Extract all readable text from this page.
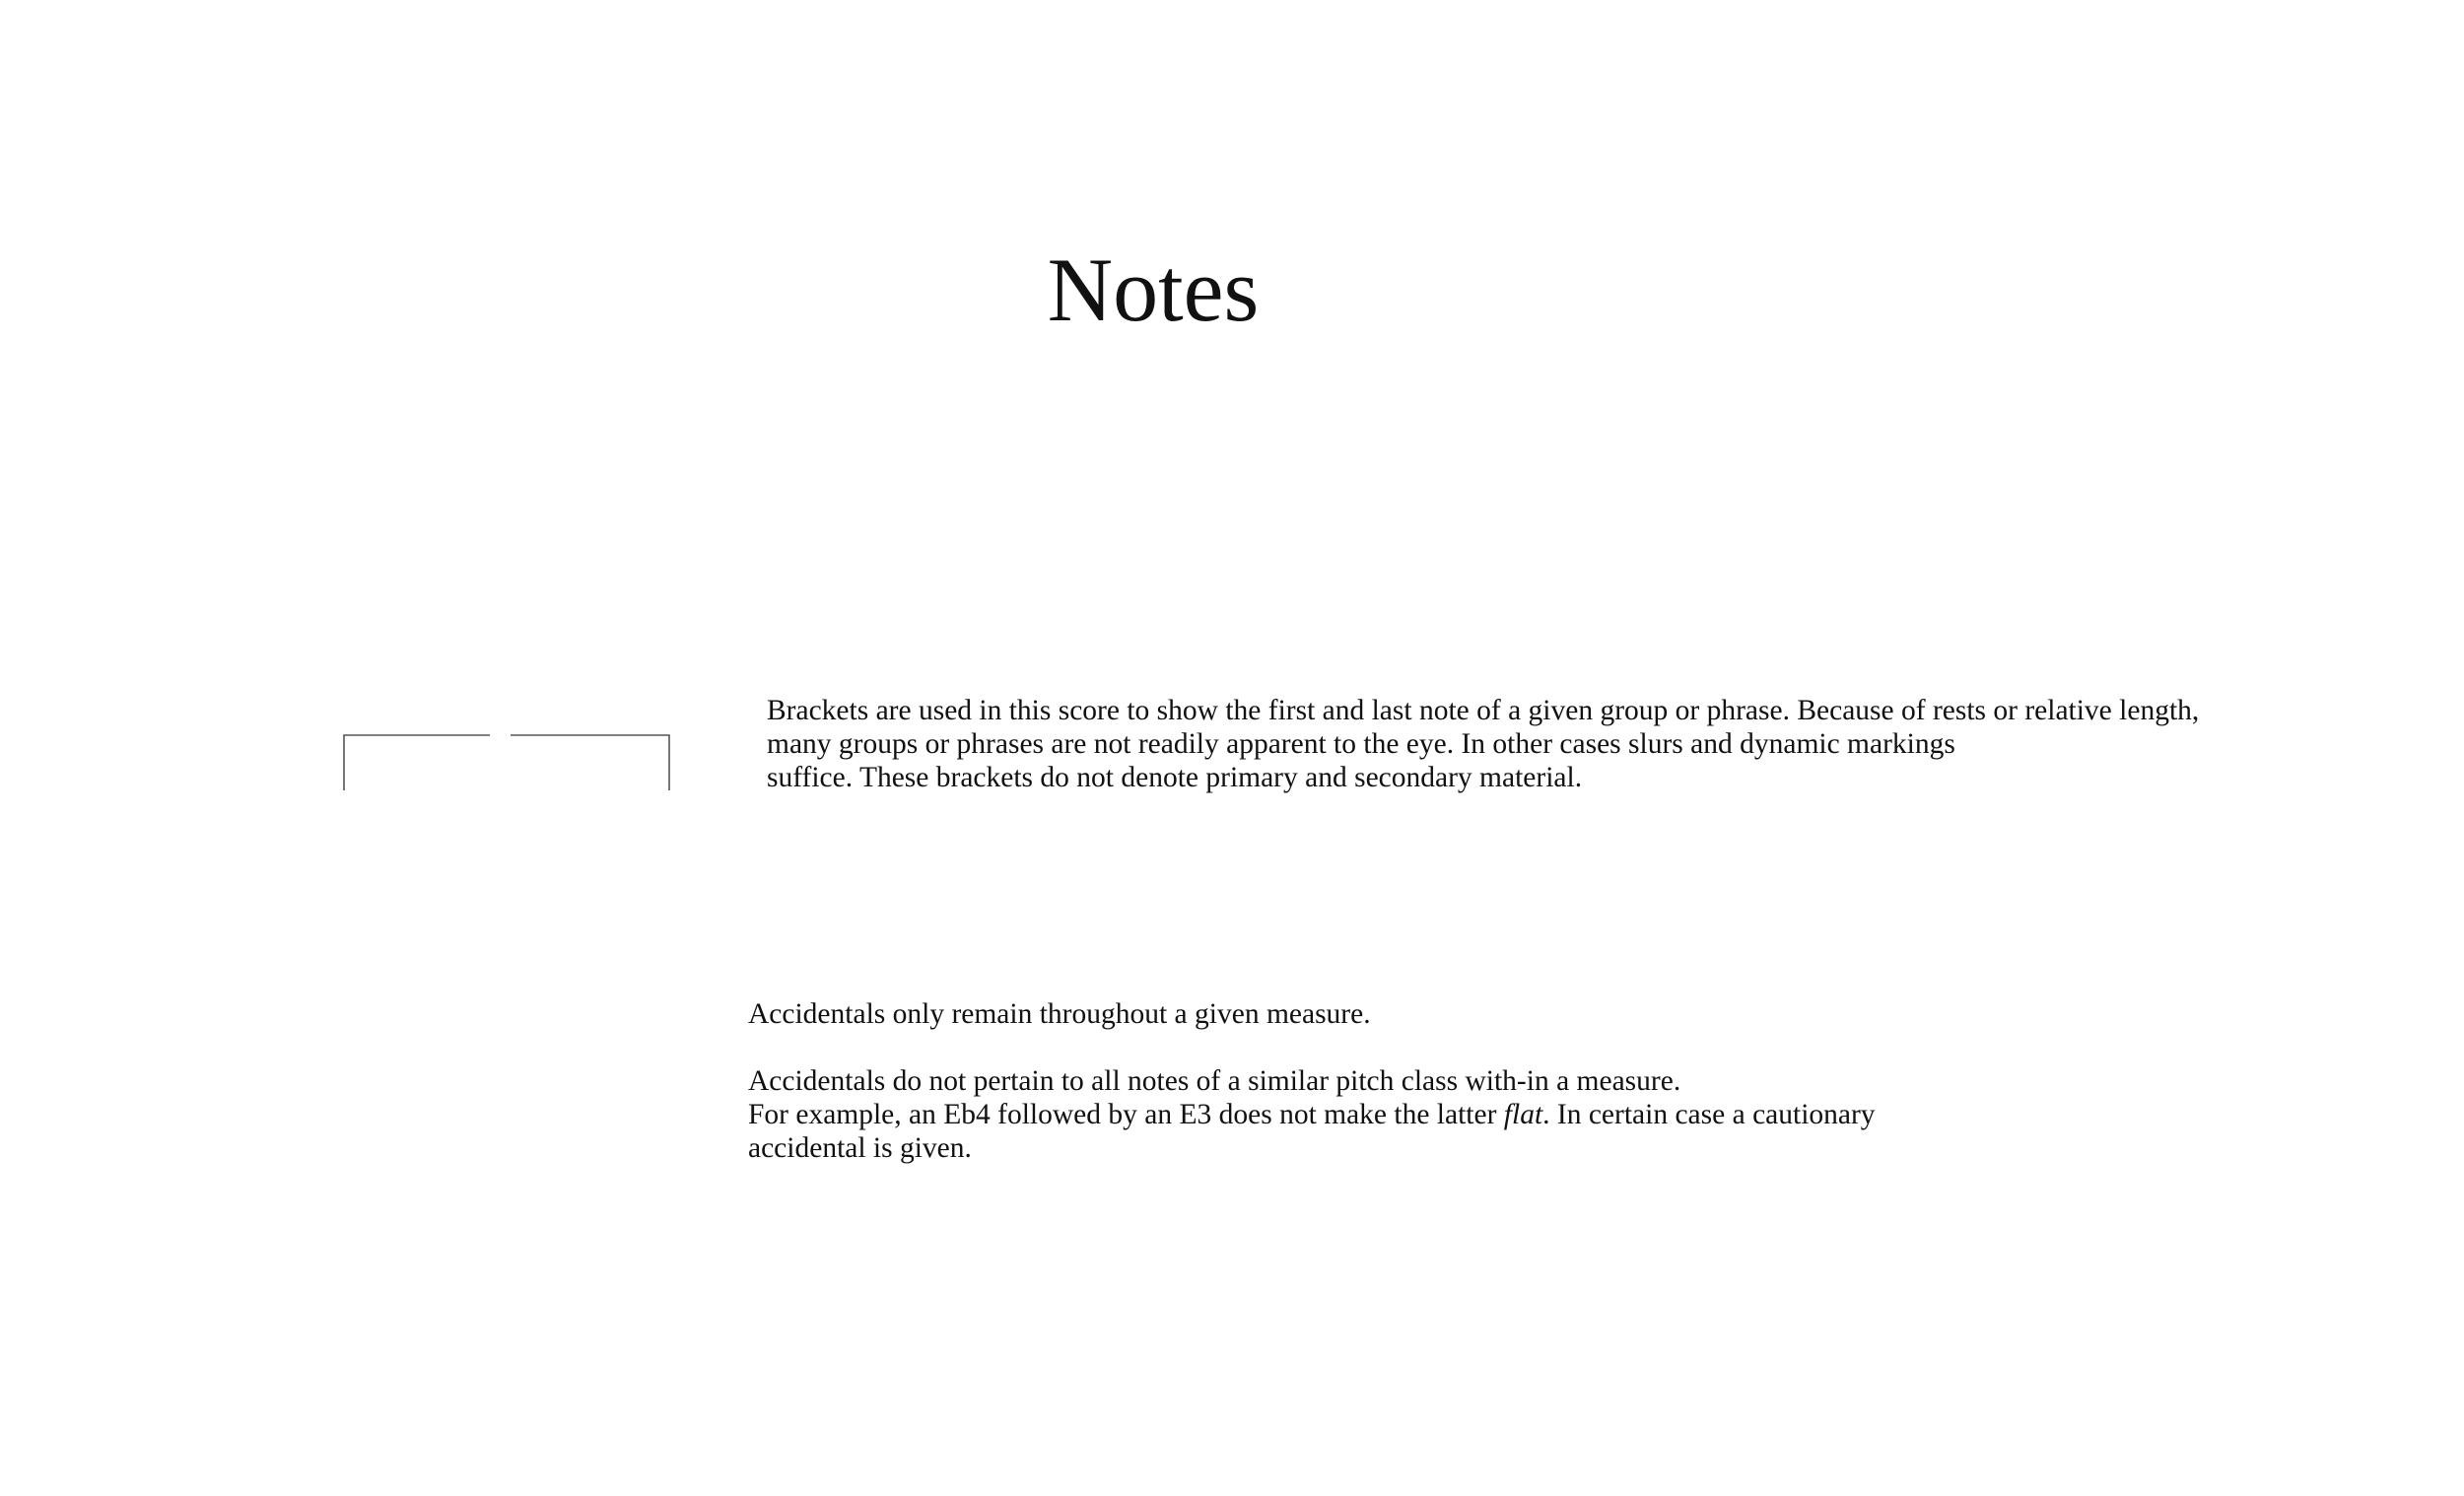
Notes
Brackets are used in this score to show the first and last note of a given group or phrase. Because of rests or relative length,
many groups or phrases are not readily apparent to the eye. In other cases slurs and dynamic markings
suffice. These brackets do not denote primary and secondary material.
Accidentals only remain throughout a given measure.
Accidentals do not pertain to all notes of a similar pitch class with-in a measure.
For example, an Eb4 followed by an E3 does not make the latter flat. In certain case a cautionary
accidental is given.
